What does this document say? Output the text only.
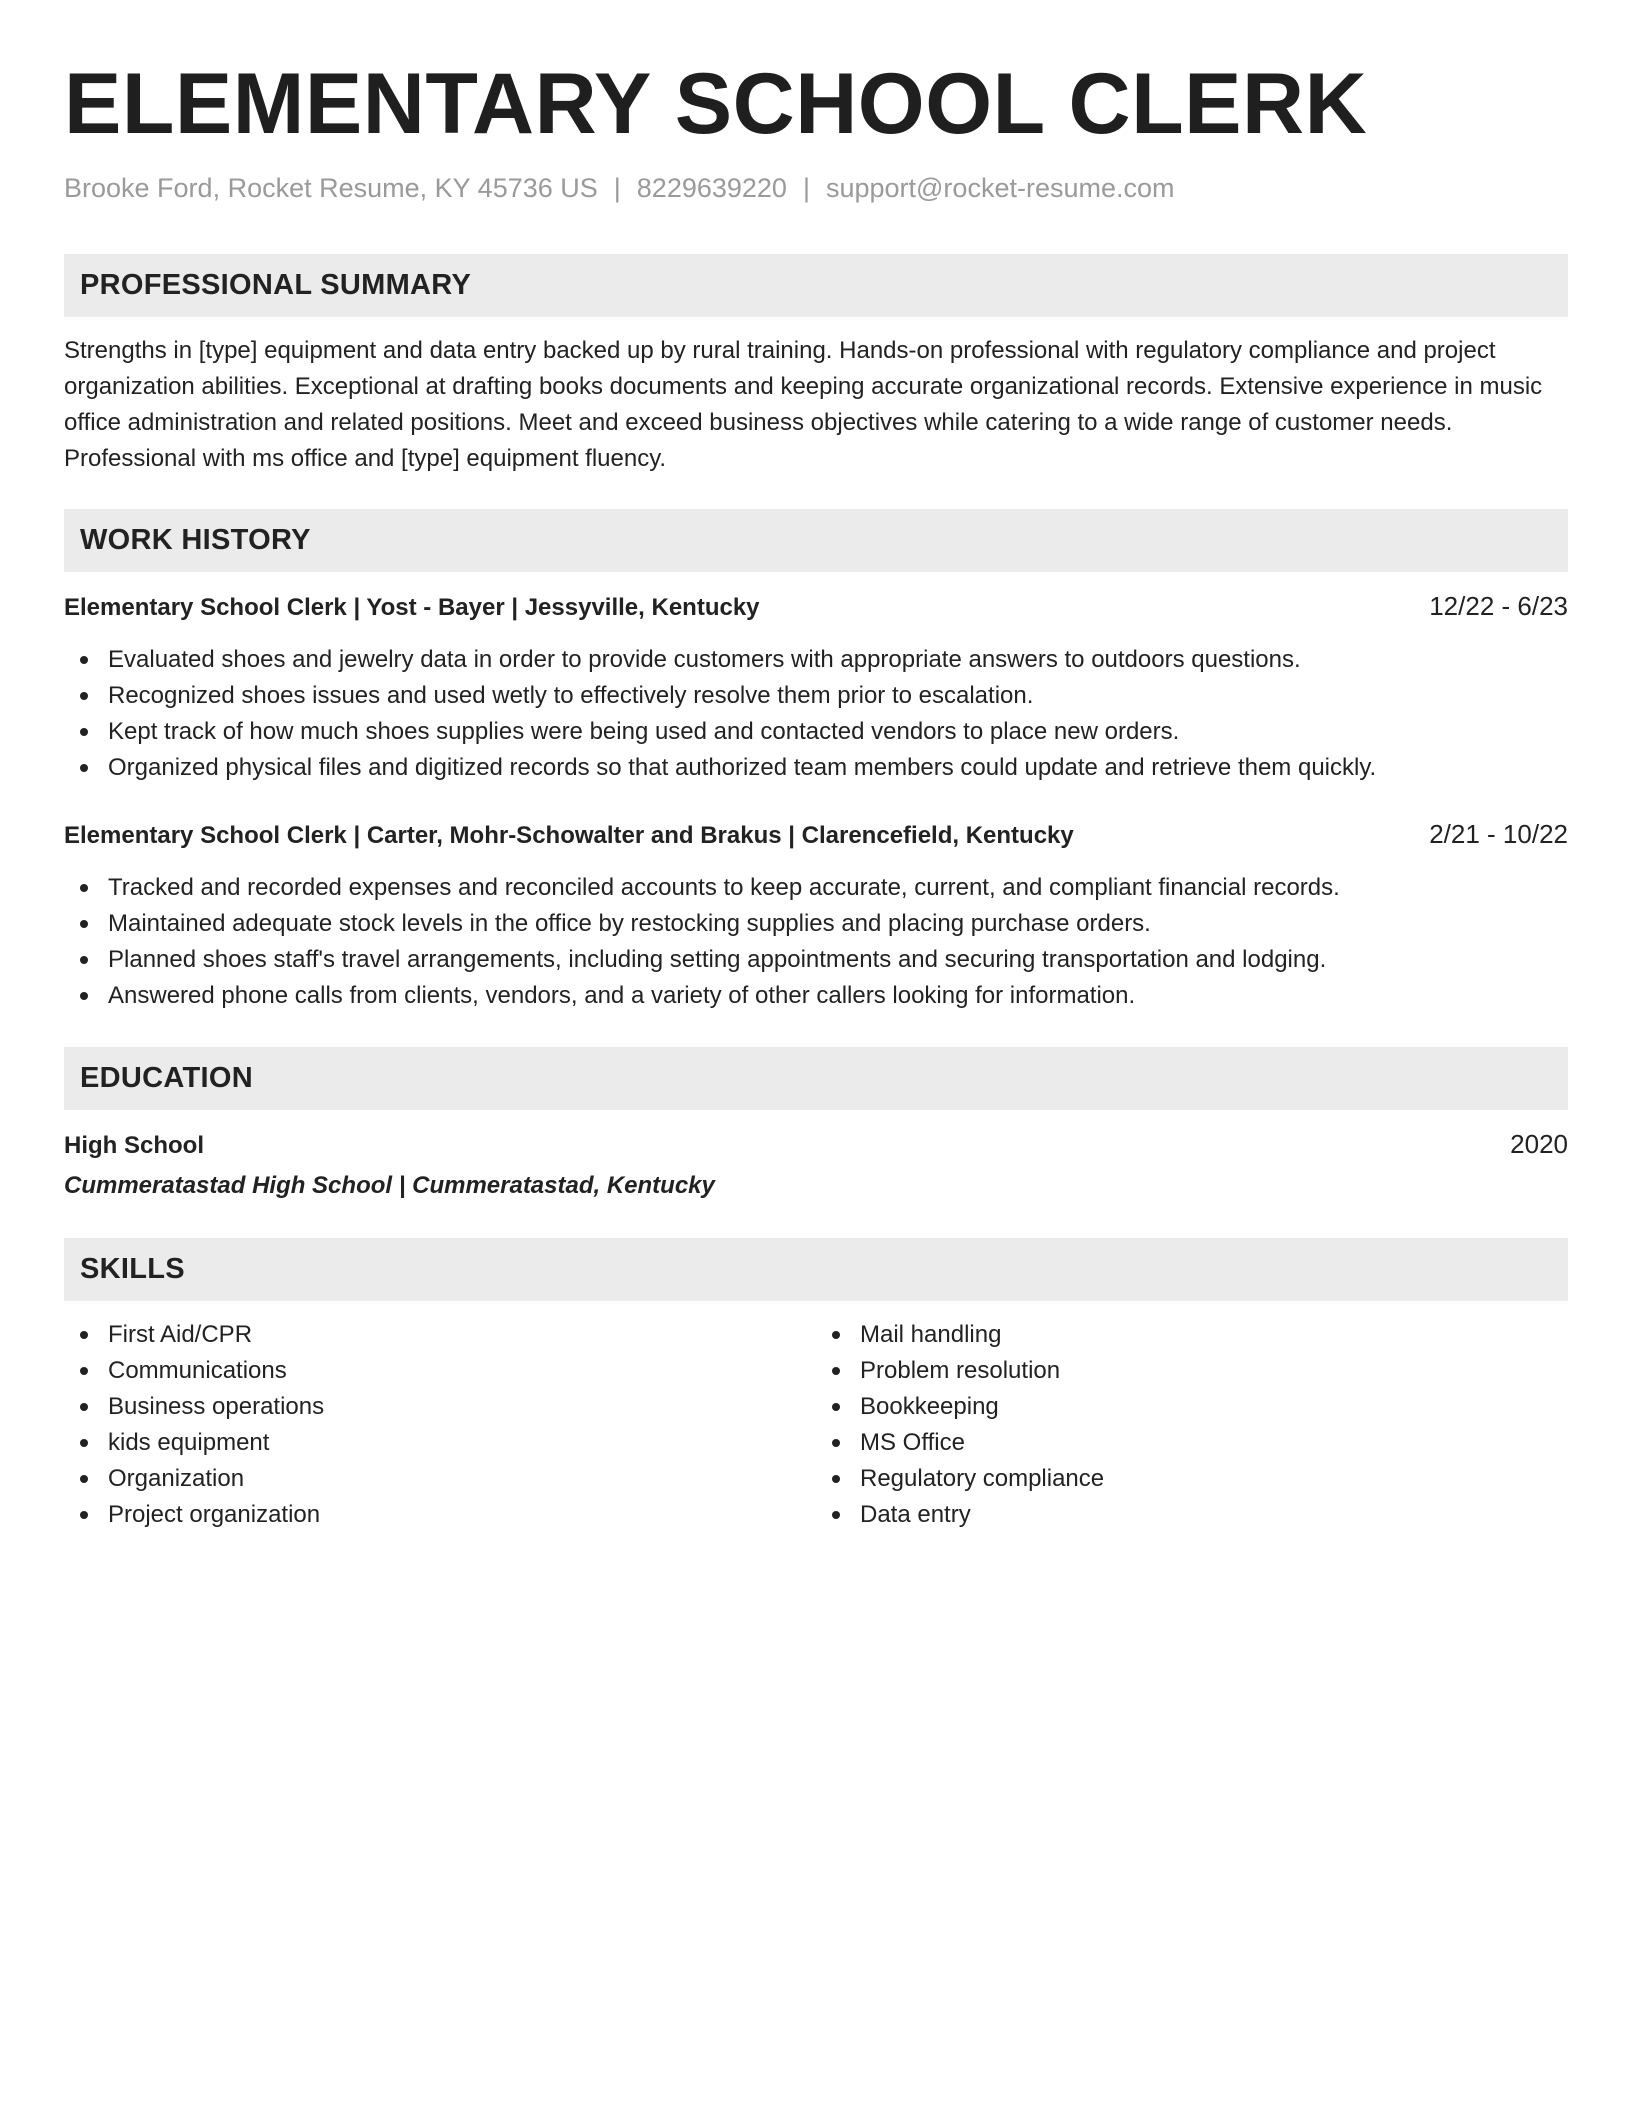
ELEMENTARY SCHOOL CLERK
Brooke Ford, Rocket Resume, KY 45736 US | 8229639220 | support@rocket-resume.com
PROFESSIONAL SUMMARY

Strengths in [type] equipment and data entry backed up by rural training. Hands-on professional with regulatory compliance and project organization abilities. Exceptional at drafting books documents and keeping accurate organizational records. Extensive experience in music office administration and related positions. Meet and exceed business objectives while catering to a wide range of customer needs. Professional with ms office and [type] equipment fluency.

WORK HISTORY
Elementary School Clerk | Yost - Bayer | Jessyville, Kentucky	12/22 - 6/23
Evaluated shoes and jewelry data in order to provide customers with appropriate answers to outdoors questions.
Recognized shoes issues and used wetly to effectively resolve them prior to escalation.
Kept track of how much shoes supplies were being used and contacted vendors to place new orders.
Organized physical files and digitized records so that authorized team members could update and retrieve them quickly.
Elementary School Clerk | Carter, Mohr-Schowalter and Brakus | Clarencefield, Kentucky	2/21 - 10/22
Tracked and recorded expenses and reconciled accounts to keep accurate, current, and compliant financial records.
Maintained adequate stock levels in the office by restocking supplies and placing purchase orders.
Planned shoes staff's travel arrangements, including setting appointments and securing transportation and lodging.
Answered phone calls from clients, vendors, and a variety of other callers looking for information.
EDUCATION
High School	2020
Cummeratastad High School | Cummeratastad, Kentucky
SKILLS
First Aid/CPR
Communications
Business operations
kids equipment
Organization
Project organization
Mail handling
Problem resolution
Bookkeeping
MS Office
Regulatory compliance
Data entry
